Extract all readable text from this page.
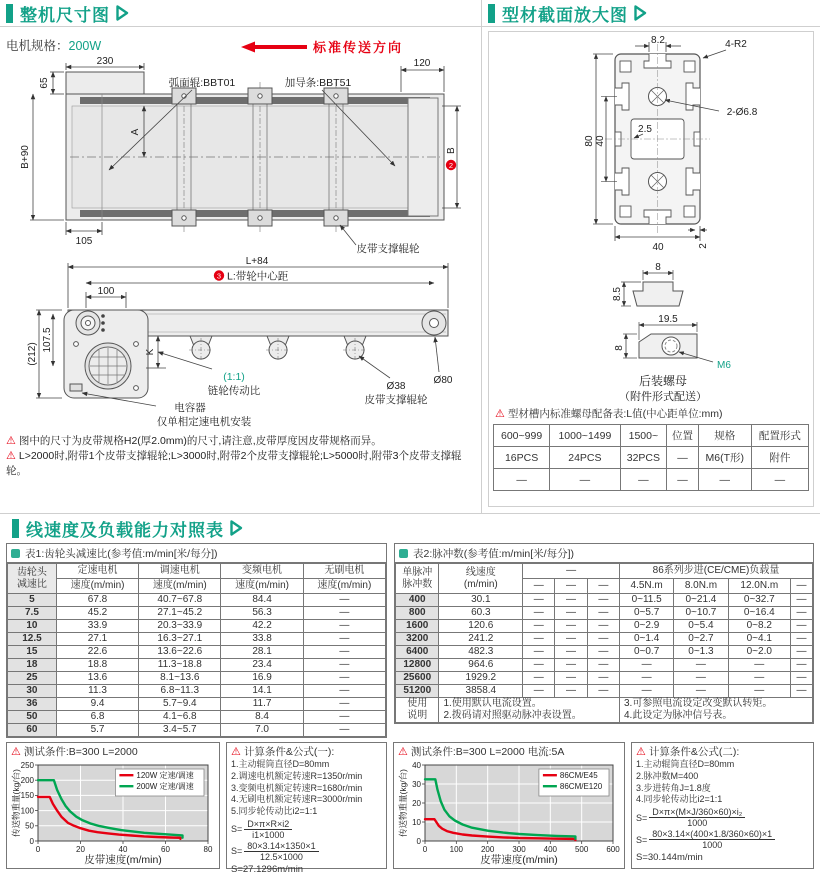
整机尺寸图
电机规格：200W	标准传送方向
230
65
B+90
105
120
A
2
B
弧面辊:BBT01	加导条:BBT51
皮带支撑辊轮
L+84
3 L:带轮中心距
100
(212)
107.5	K
Ø80
Ø38
皮带支撑辊轮
(1:1)
链轮传动比
电容器
仅单相定速电机安装
⚠ 图中的尺寸为皮带规格H2(厚2.0mm)的尺寸,请注意,皮带厚度因皮带规格而异。
⚠ L>2000时,附带1个皮带支撑辊轮;L>3000时,附带2个皮带支撑辊轮;L>5000时,附带3个皮带支撑辊轮。
型材截面放大图
8.2	4-R2
2-Ø6.8
2.5
80 40
40	2
8
8.5
19.5
8
M6
后装螺母
（附件形式配送）
⚠ 型材槽内标准螺母配备表:L值(中心距单位:mm)
600~999	1000~1499	1500~	位置	规格	配置形式
16PCS	24PCS	32PCS	—	M6(T形)	附件
—	—	—	—	—	—
线速度及负载能力对照表
表1:齿轮头减速比(参考值:m/min[米/每分])
齿轮头
减速比	定速电机	调速电机	变频电机	无刷电机
	速度(m/min)	速度(m/min)	速度(m/min)	速度(m/min)
5	67.8	40.7~67.8	84.4	—
7.5	45.2	27.1~45.2	56.3	—
10	33.9	20.3~33.9	42.2	—
12.5	27.1	16.3~27.1	33.8	—
15	22.6	13.6~22.6	28.1	—
18	18.8	11.3~18.8	23.4	—
25	13.6	8.1~13.6	16.9	—
30	11.3	6.8~11.3	14.1	—
36	9.4	5.7~9.4	11.7	—
50	6.8	4.1~6.8	8.4	—
60	5.7	3.4~5.7	7.0	—
表2:脉冲数(参考值:m/min[米/每分])
单脉冲
脉冲数	线速度
(m/min)	—			86系列步进(CE/CME)负载量			
		—	—	—	4.5N.m	8.0N.m	12.0N.m	—
400	30.1	—	—	—	0~11.5	0~21.4	0~32.7	—
800	60.3	—	—	—	0~5.7	0~10.7	0~16.4	—
1600	120.6	—	—	—	0~2.9	0~5.4	0~8.2	—
3200	241.2	—	—	—	0~1.4	0~2.7	0~4.1	—
6400	482.3	—	—	—	0~0.7	0~1.3	0~2.0	—
12800	964.6	—	—	—	—	—	—	—
25600	1929.2	—	—	—	—	—	—	—
51200	3858.4	—	—	—	—	—	—	—
使用
说明	1.使用默认电流设置。
2.拨码请对照驱动脉冲表设置。				3.可参照电流设定改变默认转矩。
4.此设定为脉冲信号表。			
⚠ 测试条件:B=300 L=2000
0	20	40	60	80
0
50
100
150
200
250
皮带速度(m/min)
传送物重量(kg/台)	120W 定速/调速
200W 定速/调速
⚠ 计算条件&公式(一):
1.主动辊筒直径D=80mm
2.调速电机额定转速R=1350r/min
3.变频电机额定转速R=1680r/min
4.无刷电机额定转速R=3000r/min
5.同步轮传动比i2=1:1
$S= \frac{D\times\pi\times R\times i2}{i1\times 1000}$
$S= \frac{80\times 3.14\times 1350\times 1}{12.5\times 1000}$
S=27.1296m/min
⚠ 测试条件:B=300 L=2000 电流:5A
0	100 200 300 400 500 600
0
10
20
30
40
皮带速度(m/min)
传送物重量(kg/台)	86CM/E45
86CM/E120
⚠ 计算条件&公式(二):
1.主动辊筒直径D=80mm
2.脉冲数M=400
3.步进转角J=1.8度
4.同步轮传动比i2=1:1
$S= \frac{\text{D×π×(M×J/360×60)×i₂}}{1000}$
$S= \frac{80\times 3.14\times(400\times 1.8/360\times 60)\times 1}{1000}$
S=30.144m/min
